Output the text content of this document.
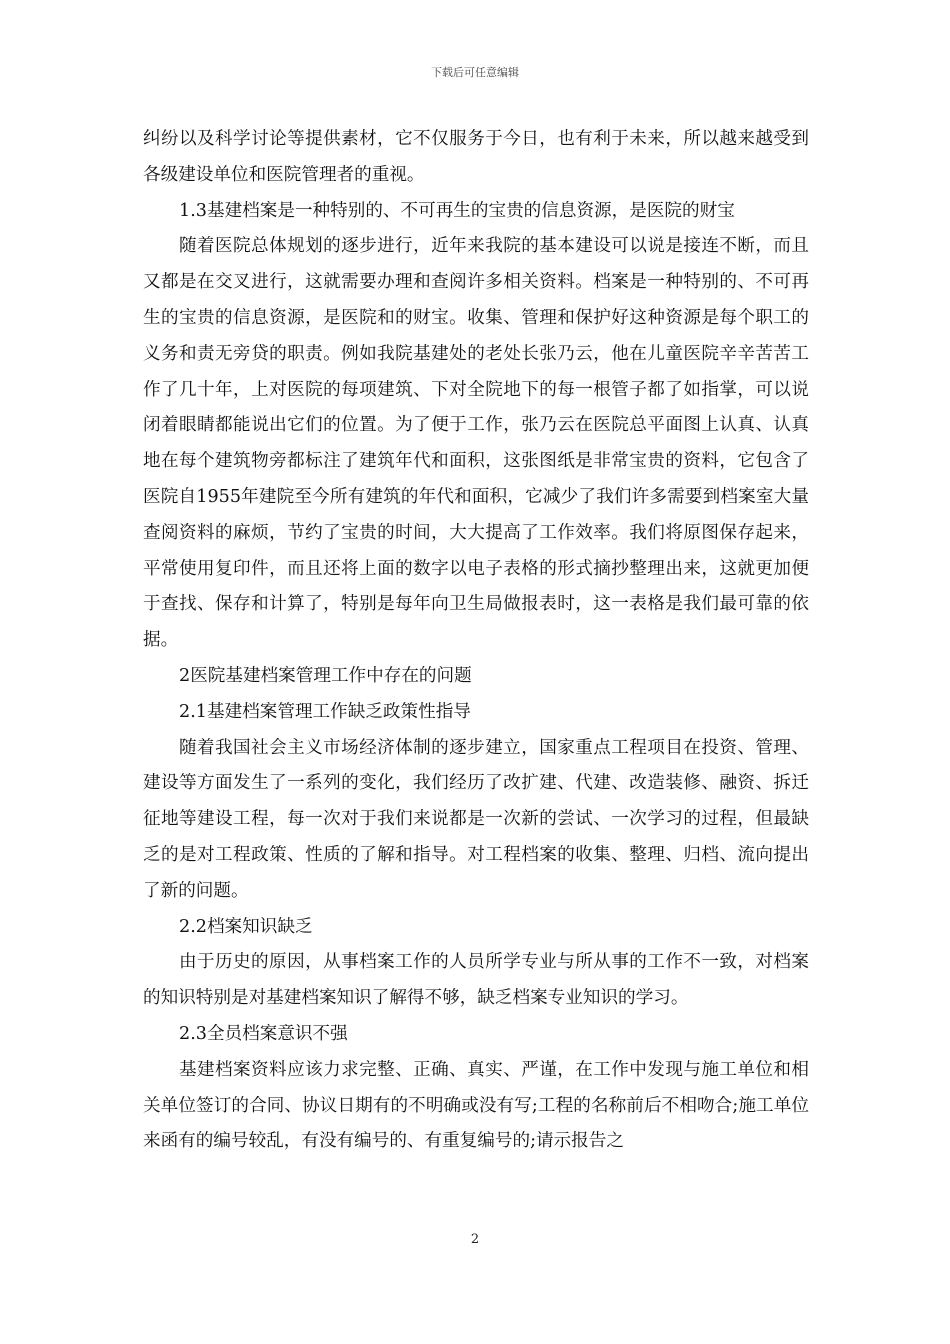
下载后可任意编辑

纠纷以及科学讨论等提供素材，它不仅服务于今日，也有利于未来，所以越来越受到各级建设单位和医院管理者的重视。

1.3基建档案是一种特别的、不可再生的宝贵的信息资源，是医院的财宝

随着医院总体规划的逐步进行，近年来我院的基本建设可以说是接连不断，而且又都是在交叉进行，这就需要办理和查阅许多相关资料。档案是一种特别的、不可再生的宝贵的信息资源，是医院和的财宝。收集、管理和保护好这种资源是每个职工的义务和责无旁贷的职责。例如我院基建处的老处长张乃云，他在儿童医院辛辛苦苦工作了几十年，上对医院的每项建筑、下对全院地下的每一根管子都了如指掌，可以说闭着眼睛都能说出它们的位置。为了便于工作，张乃云在医院总平面图上认真、认真地在每个建筑物旁都标注了建筑年代和面积，这张图纸是非常宝贵的资料，它包含了医院自1955年建院至今所有建筑的年代和面积，它减少了我们许多需要到档案室大量查阅资料的麻烦，节约了宝贵的时间，大大提高了工作效率。我们将原图保存起来，平常使用复印件，而且还将上面的数字以电子表格的形式摘抄整理出来，这就更加便于查找、保存和计算了，特别是每年向卫生局做报表时，这一表格是我们最可靠的依据。

2医院基建档案管理工作中存在的问题

2.1基建档案管理工作缺乏政策性指导

随着我国社会主义市场经济体制的逐步建立，国家重点工程项目在投资、管理、建设等方面发生了一系列的变化，我们经历了改扩建、代建、改造装修、融资、拆迁征地等建设工程，每一次对于我们来说都是一次新的尝试、一次学习的过程，但最缺乏的是对工程政策、性质的了解和指导。对工程档案的收集、整理、归档、流向提出了新的问题。

2.2档案知识缺乏

由于历史的原因，从事档案工作的人员所学专业与所从事的工作不一致，对档案的知识特别是对基建档案知识了解得不够，缺乏档案专业知识的学习。

2.3全员档案意识不强

基建档案资料应该力求完整、正确、真实、严谨，在工作中发现与施工单位和相关单位签订的合同、协议日期有的不明确或没有写;工程的名称前后不相吻合;施工单位来函有的编号较乱，有没有编号的、有重复编号的;请示报告之

2
